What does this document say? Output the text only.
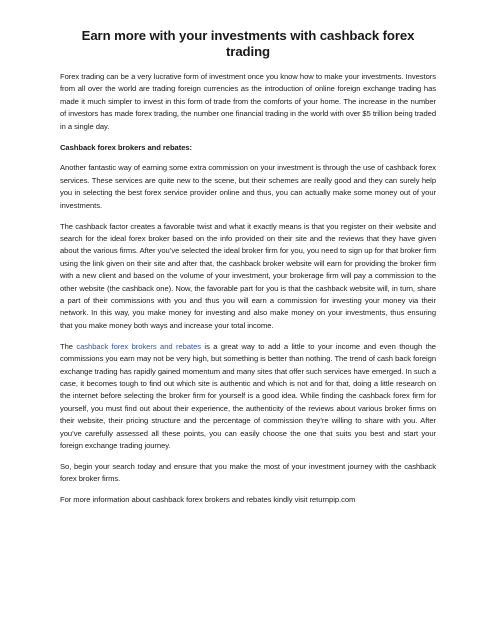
Earn more with your investments with cashback forex trading

Forex trading can be a very lucrative form of investment once you know how to make your investments. Investors from all over the world are trading foreign currencies as the introduction of online foreign exchange trading has made it much simpler to invest in this form of trade from the comforts of your home. The increase in the number of investors has made forex trading, the number one financial trading in the world with over $5 trillion being traded in a single day.

Cashback forex brokers and rebates:

Another fantastic way of earning some extra commission on your investment is through the use of cashback forex services. These services are quite new to the scene, but their schemes are really good and they can surely help you in selecting the best forex service provider online and thus, you can actually make some money out of your investments.

The cashback factor creates a favorable twist and what it exactly means is that you register on their website and search for the ideal forex broker based on the info provided on their site and the reviews that they have given about the various firms. After you’ve selected the ideal broker firm for you, you need to sign up for that broker firm using the link given on their site and after that, the cashback broker website will earn for providing the broker firm with a new client and based on the volume of your investment, your brokerage firm will pay a commission to the other website (the cashback one). Now, the favorable part for you is that the cashback website will, in turn, share a part of their commissions with you and thus you will earn a commission for investing your money via their network. In this way, you make money for investing and also make money on your investments, thus ensuring that you make money both ways and increase your total income.

The cashback forex brokers and rebates is a great way to add a little to your income and even though the commissions you earn may not be very high, but something is better than nothing. The trend of cash back foreign exchange trading has rapidly gained momentum and many sites that offer such services have emerged. In such a case, it becomes tough to find out which site is authentic and which is not and for that, doing a little research on the internet before selecting the broker firm for yourself is a good idea. While finding the cashback forex firm for yourself, you must find out about their experience, the authenticity of the reviews about various broker firms on their website, their pricing structure and the percentage of commission they’re willing to share with you. After you’ve carefully assessed all these points, you can easily choose the one that suits you best and start your foreign exchange trading journey.

So, begin your search today and ensure that you make the most of your investment journey with the cashback forex broker firms.

For more information about cashback forex brokers and rebates kindly visit returnpip.com
